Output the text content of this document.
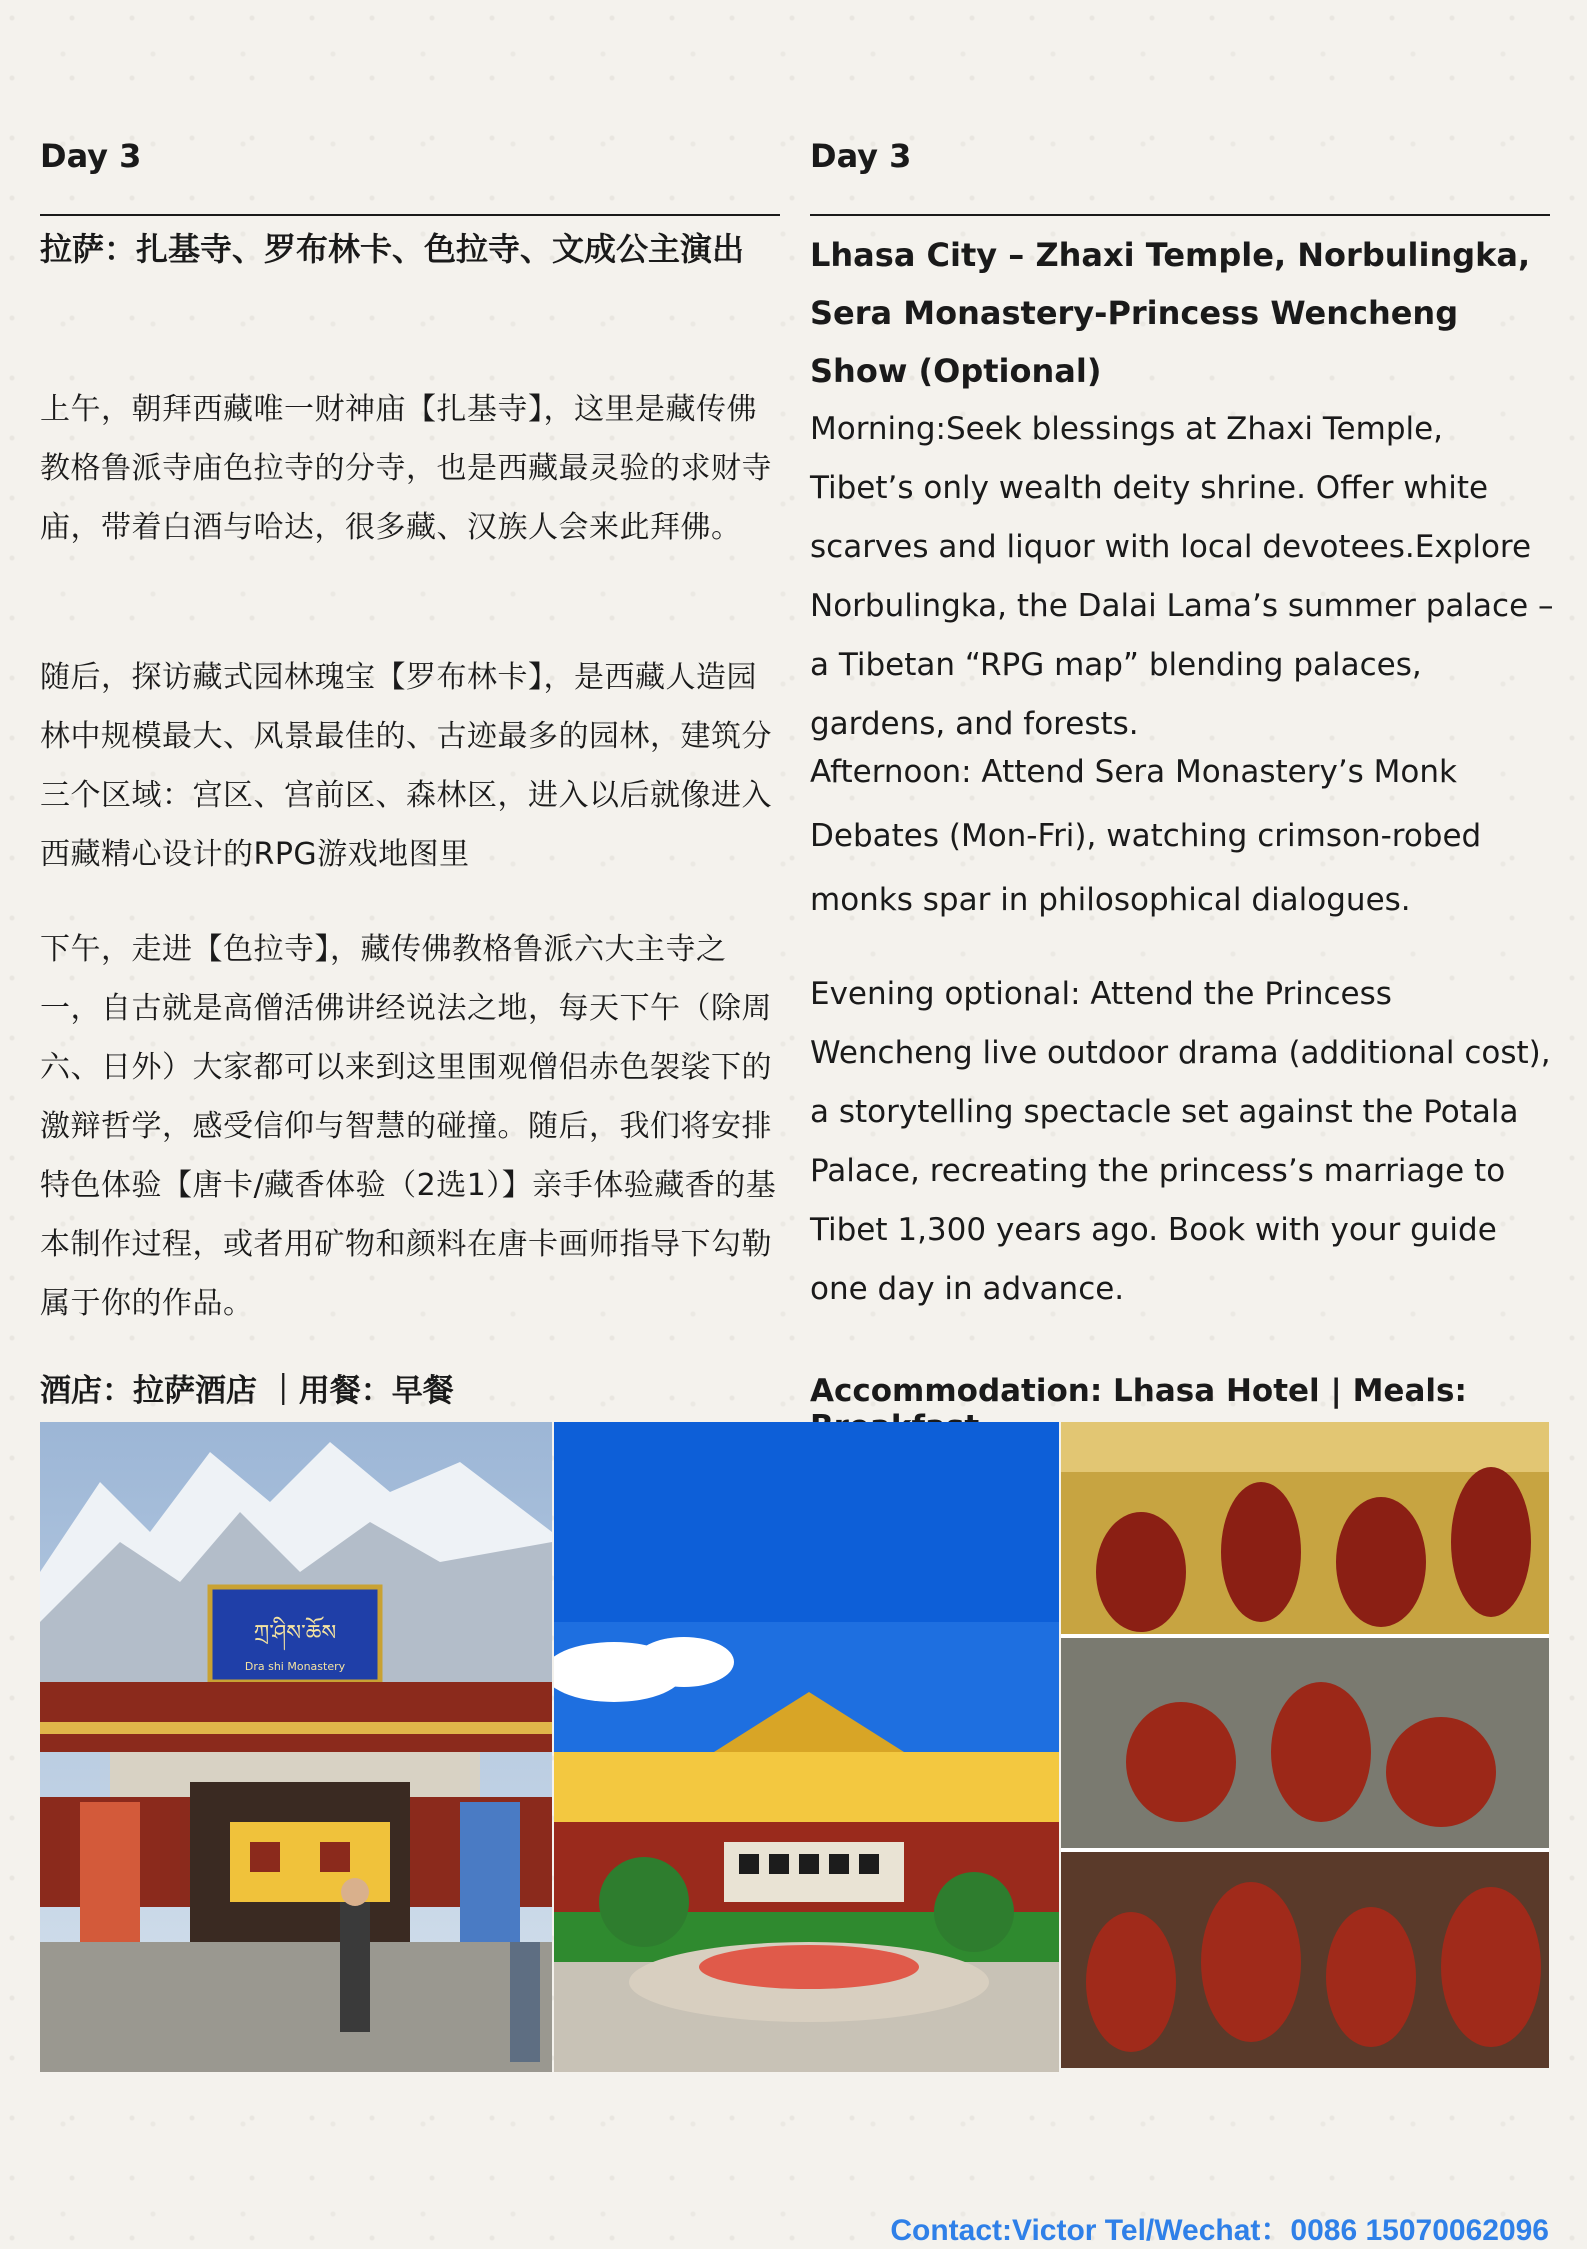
Day 3
拉萨：扎基寺、罗布林卡、色拉寺、文成公主演出
上午，朝拜西藏唯一财神庙【扎基寺】，这里是藏传佛教格鲁派寺庙色拉寺的分寺，也是西藏最灵验的求财寺庙，带着白酒与哈达，很多藏、汉族人会来此拜佛。
随后，探访藏式园林瑰宝【罗布林卡】，是西藏人造园林中规模最大、风景最佳的、古迹最多的园林，建筑分三个区域：宫区、宫前区、森林区，进入以后就像进入西藏精心设计的RPG游戏地图里
下午，走进【色拉寺】，藏传佛教格鲁派六大主寺之一，自古就是高僧活佛讲经说法之地，每天下午（除周六、日外）大家都可以来到这里围观僧侣赤色袈裟下的激辩哲学，感受信仰与智慧的碰撞。随后，我们将安排特色体验【唐卡/藏香体验（2选1）】亲手体验藏香的基本制作过程，或者用矿物和颜料在唐卡画师指导下勾勒属于你的作品。
酒店：拉萨酒店 ｜用餐：早餐
Day 3
Lhasa City – Zhaxi Temple, Norbulingka, Sera Monastery-Princess Wencheng Show (Optional)
Morning:Seek blessings at Zhaxi Temple, Tibet’s only wealth deity shrine. Offer white scarves and liquor with local devotees.Explore Norbulingka, the Dalai Lama’s summer palace – a Tibetan “RPG map” blending palaces, gardens, and forests.
Afternoon: Attend Sera Monastery’s Monk Debates (Mon-Fri), watching crimson-robed monks spar in philosophical dialogues.
Evening optional: Attend the Princess Wencheng live outdoor drama (additional cost), a storytelling spectacle set against the Potala Palace, recreating the princess’s marriage to Tibet 1,300 years ago. Book with your guide one day in advance.
Accommodation: Lhasa Hotel | Meals:
ཀྲ་ཤིས་ཆོས
Dra shi Monastery
Contact:Victor Tel/Wechat：0086 15070062096
